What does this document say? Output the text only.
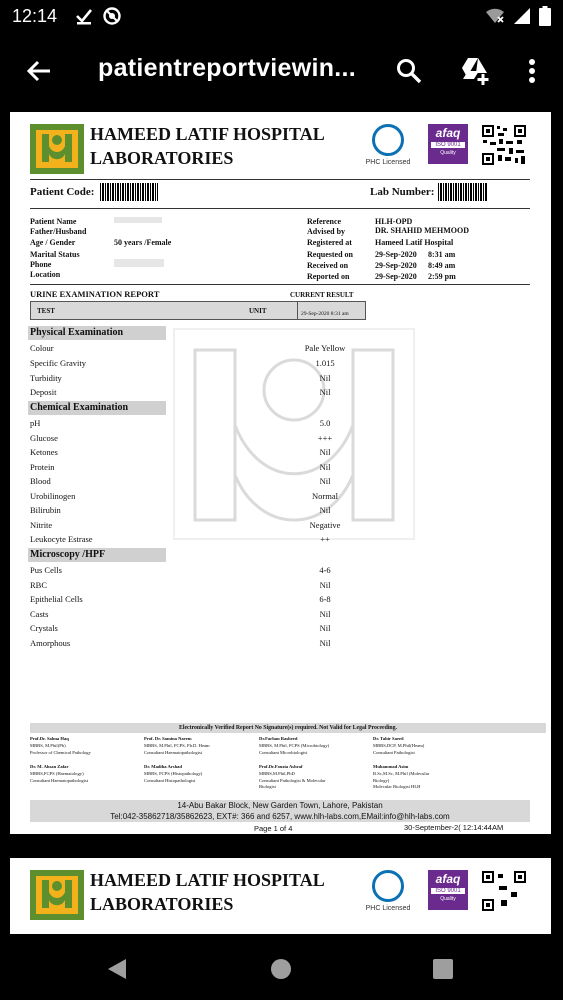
12:14
patientreportviewin...
HAMEED LATIF HOSPITAL
LABORATORIES	PHC Licensed
afaq
ISO 9001
Quality
Patient Code:	Lab Number:
Patient Name
Father/Husband
Age / Gender	50 years /Female
Marital Status
Phone
Location
Reference	HLH-OPD
Advised by	DR. SHAHID MEHMOOD
Registered at	Hameed Latif Hospital
Requested on	29-Sep-2020 8:31 am
Received on	29-Sep-2020 8:49 am
Reported on	29-Sep-2020 2:59 pm
URINE EXAMINATION REPORT	CURRENT RESULT
TEST	UNIT	29-Sep-2020 8:31 am
Physical Examination
Colour	Pale Yellow
Specific Gravity	1.015
Turbidity	Nil
Deposit	Nil
Chemical Examination
pH	5.0
Glucose	+++
Ketones	Nil
Protein	Nil
Blood	Nil
Urobilinogen	Normal
Bilirubin	Nil
Nitrite	Negative
Leukocyte Estrase	++
Microscopy /HPF
Pus Cells	4-6
RBC	Nil
Epithelial Cells	6-8
Casts	Nil
Crystals	Nil
Amorphous	Nil
Electronically Verified Report No Signature(s) required. Not Valid for Legal Proceeding.
Prof.Dr. Salma Haq
MBBS, M.Phil(Pb)
Professor of Chemical Pathology
Prof. Dr. Samina Naeem
MBBS, M.Phil, FCPS, Ph.D. Heam
Consultant Haematopathologist
Dr.Farhan Rasheed
MBBS, M.Phil, FCPS (Microbiology)
Consultant Microbiologist
Dr. Tahir Saeed
MBBS,DCP, M.Phil(Heam)
Consultant Pathologist
Dr. M. Ahsan Zafar
MBBS,FCPS (Haematology)
Consultant Haematopathologist
Dr. Madiha Arshad
MBBS, FCPS (Histopathology)
Consultant Histopathologist
Prof.Dr.Fouzia Ashraf
MBBS,M.Phil,PhD
Consultant Pathologist & Molecular
Biologist
Muhammad Asim
B.Sc,M.Sc, M.Phil (Molecular
Biology)
Molecular Biologist HLH
14-Abu Bakar Block, New Garden Town, Lahore, Pakistan
Tel:042-35862718/35862623, EXT#: 366 and 6257, www.hlh-labs.com,EMail:info@hlh-labs.com
Page 1 of 4	30-September-2( 12:14:44AM
HAMEED LATIF HOSPITAL
LABORATORIES	PHC Licensed
afaq
ISO 9001
Quality
